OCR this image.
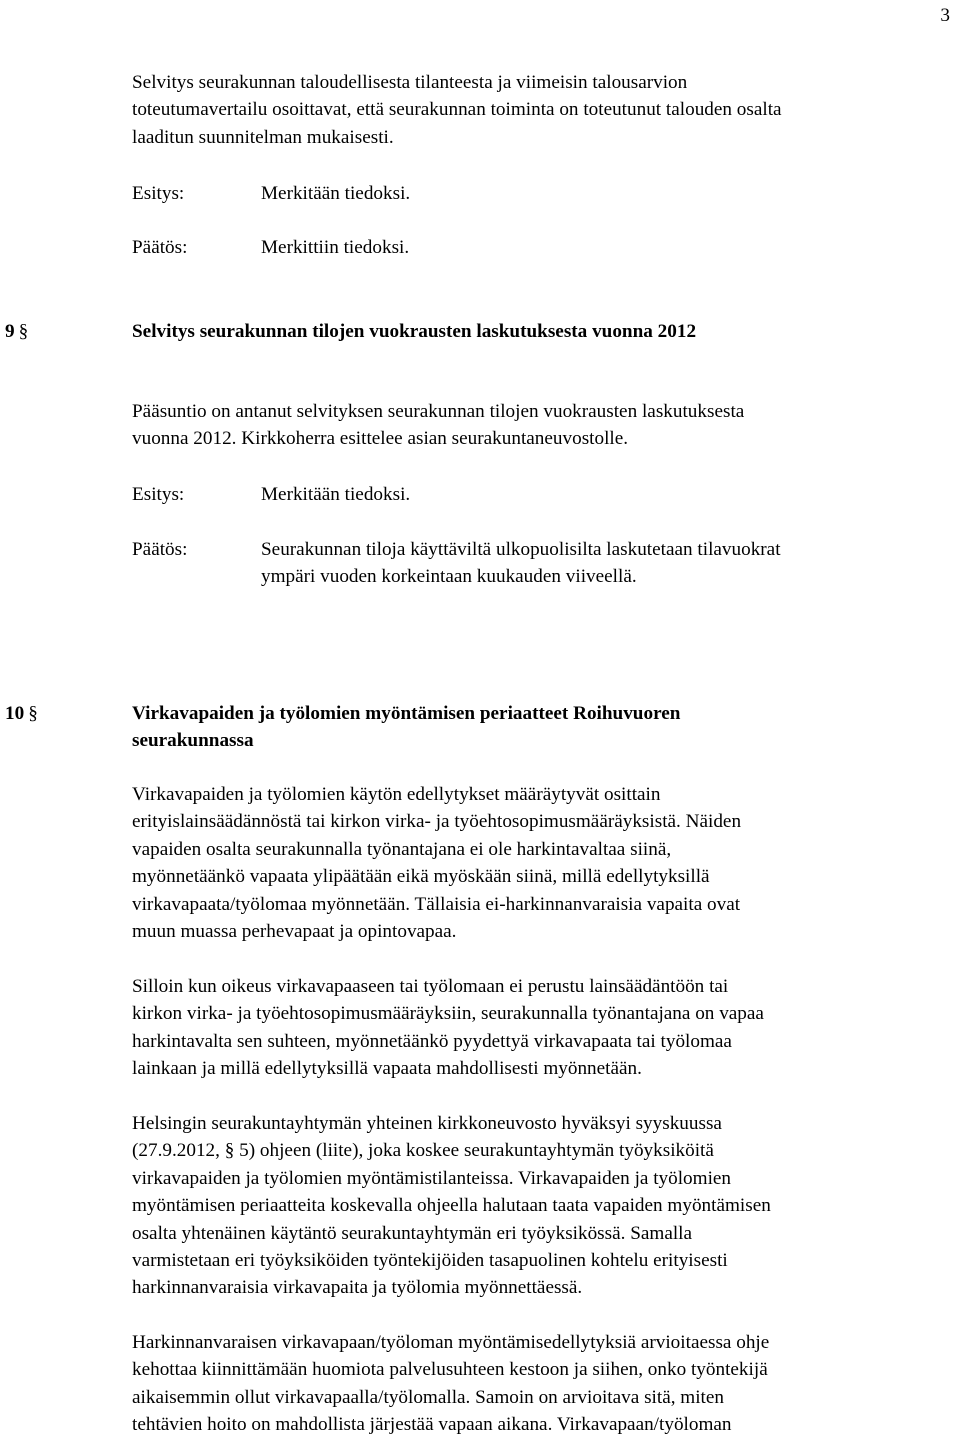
3
Selvitys seurakunnan taloudellisesta tilanteesta ja viimeisin talousarvion
toteutumavertailu osoittavat, että seurakunnan toiminta on toteutunut talouden osalta
laaditun suunnitelman mukaisesti.
Esitys:	Merkitään tiedoksi.
Päätös:	Merkittiin tiedoksi.
9 §	Selvitys seurakunnan tilojen vuokrausten laskutuksesta vuonna 2012
Pääsuntio on antanut selvityksen seurakunnan tilojen vuokrausten laskutuksesta
vuonna 2012. Kirkkoherra esittelee asian seurakuntaneuvostolle.
Esitys:	Merkitään tiedoksi.
Päätös:	Seurakunnan tiloja käyttäviltä ulkopuolisilta laskutetaan tilavuokrat
ympäri vuoden korkeintaan kuukauden viiveellä.
10 §	Virkavapaiden ja työlomien myöntämisen periaatteet Roihuvuoren
seurakunnassa
Virkavapaiden ja työlomien käytön edellytykset määräytyvät osittain
erityislainsäädännöstä tai kirkon virka- ja työehtosopimusmääräyksistä. Näiden
vapaiden osalta seurakunnalla työnantajana ei ole harkintavaltaa siinä,
myönnetäänkö vapaata ylipäätään eikä myöskään siinä, millä edellytyksillä
virkavapaata/työlomaa myönnetään. Tällaisia ei-harkinnanvaraisia vapaita ovat
muun muassa perhevapaat ja opintovapaa.
Silloin kun oikeus virkavapaaseen tai työlomaan ei perustu lainsäädäntöön tai
kirkon virka- ja työehtosopimusmääräyksiin, seurakunnalla työnantajana on vapaa
harkintavalta sen suhteen, myönnetäänkö pyydettyä virkavapaata tai työlomaa
lainkaan ja millä edellytyksillä vapaata mahdollisesti myönnetään.
Helsingin seurakuntayhtymän yhteinen kirkkoneuvosto hyväksyi syyskuussa
(27.9.2012, § 5) ohjeen (liite), joka koskee seurakuntayhtymän työyksiköitä
virkavapaiden ja työlomien myöntämistilanteissa. Virkavapaiden ja työlomien
myöntämisen periaatteita koskevalla ohjeella halutaan taata vapaiden myöntämisen
osalta yhtenäinen käytäntö seurakuntayhtymän eri työyksikössä. Samalla
varmistetaan eri työyksiköiden työntekijöiden tasapuolinen kohtelu erityisesti
harkinnanvaraisia virkavapaita ja työlomia myönnettäessä.
Harkinnanvaraisen virkavapaan/työloman myöntämisedellytyksiä arvioitaessa ohje
kehottaa kiinnittämään huomiota palvelusuhteen kestoon ja siihen, onko työntekijä
aikaisemmin ollut virkavapaalla/työlomalla. Samoin on arvioitava sitä, miten
tehtävien hoito on mahdollista järjestää vapaan aikana. Virkavapaan/työloman
